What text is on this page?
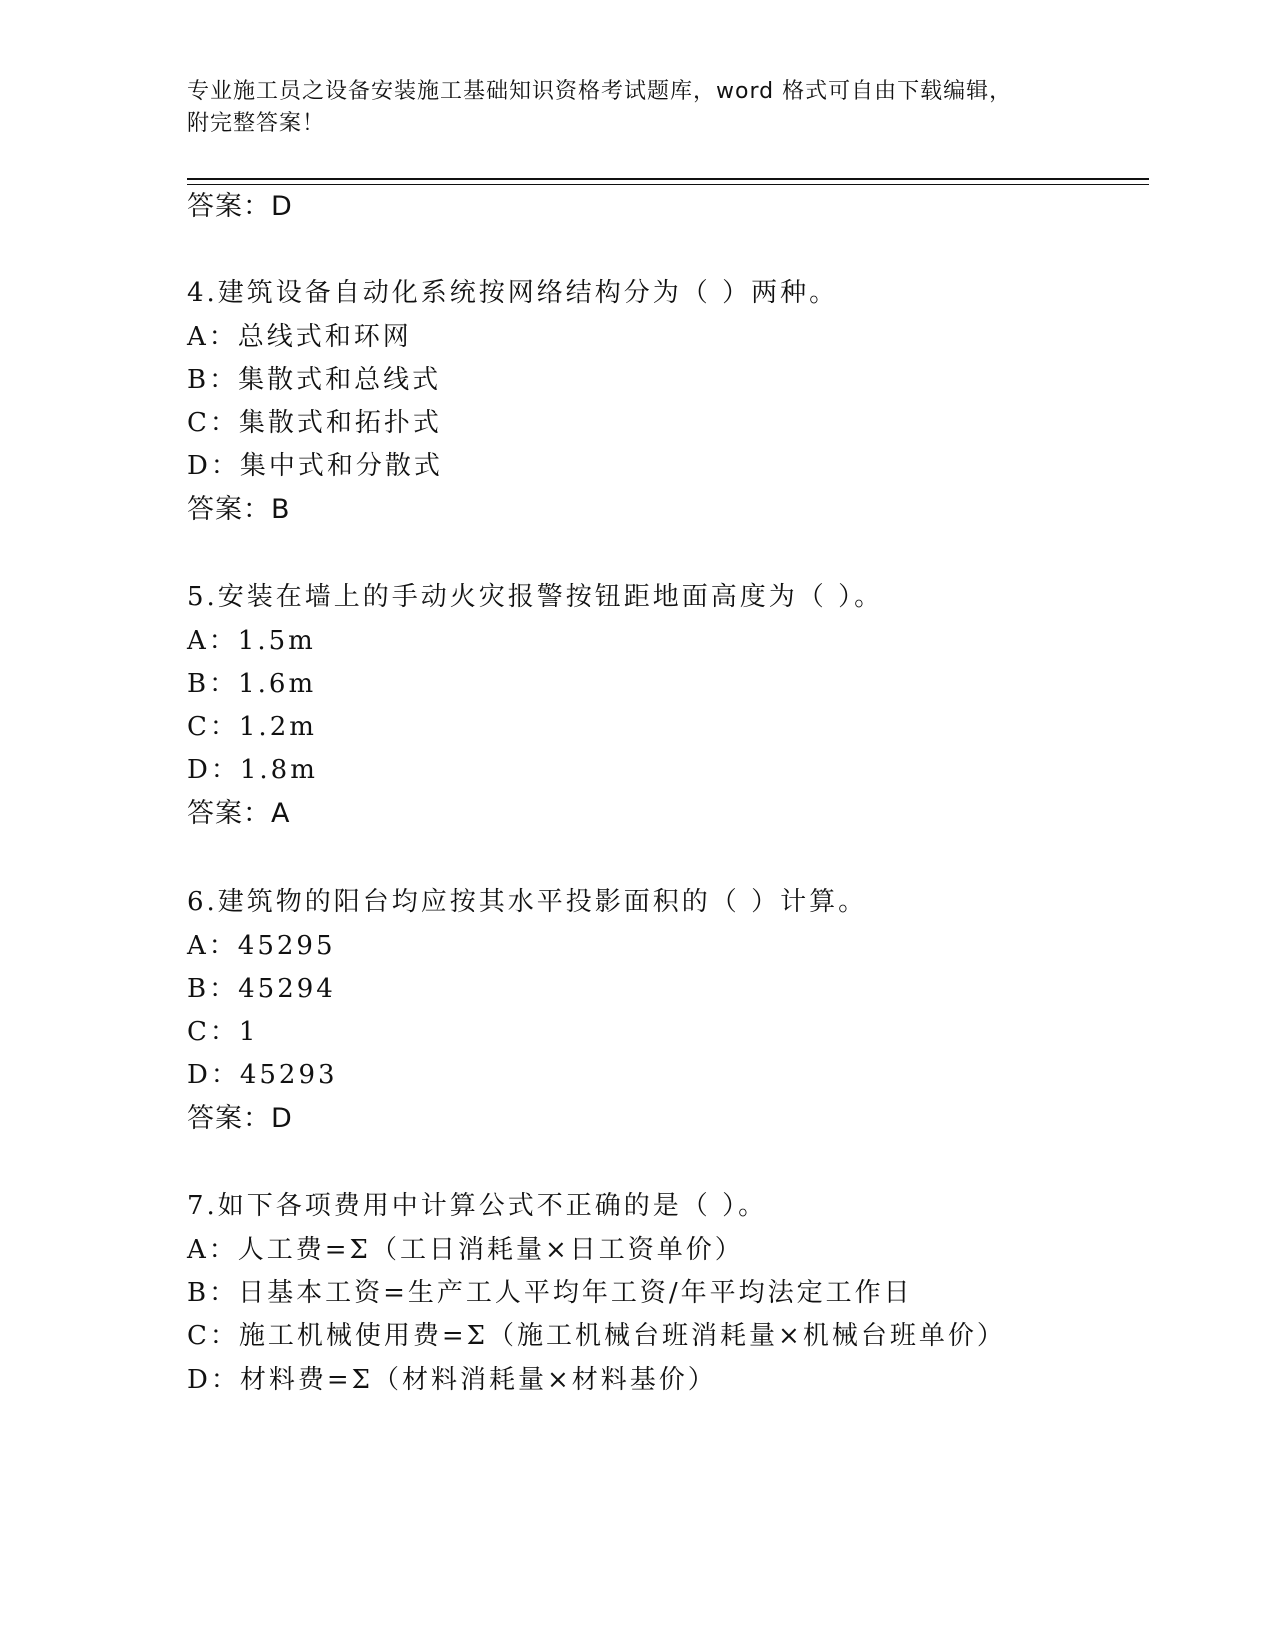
专业施工员之设备安装施工基础知识资格考试题库，word 格式可自由下载编辑，
附完整答案！
答案：D
4.建筑设备自动化系统按网络结构分为（ ）两种。
A：总线式和环网
B：集散式和总线式
C：集散式和拓扑式
D：集中式和分散式
答案：B
5.安装在墙上的手动火灾报警按钮距地面高度为（ ）。
A：1.5m
B：1.6m
C：1.2m
D：1.8m
答案：A
6.建筑物的阳台均应按其水平投影面积的（ ）计算。
A：45295
B：45294
C：1
D：45293
答案：D
7.如下各项费用中计算公式不正确的是（ ）。
A：人工费=Σ（工日消耗量×日工资单价）
B：日基本工资=生产工人平均年工资/年平均法定工作日
C：施工机械使用费=Σ（施工机械台班消耗量×机械台班单价）
D：材料费=Σ（材料消耗量×材料基价）
